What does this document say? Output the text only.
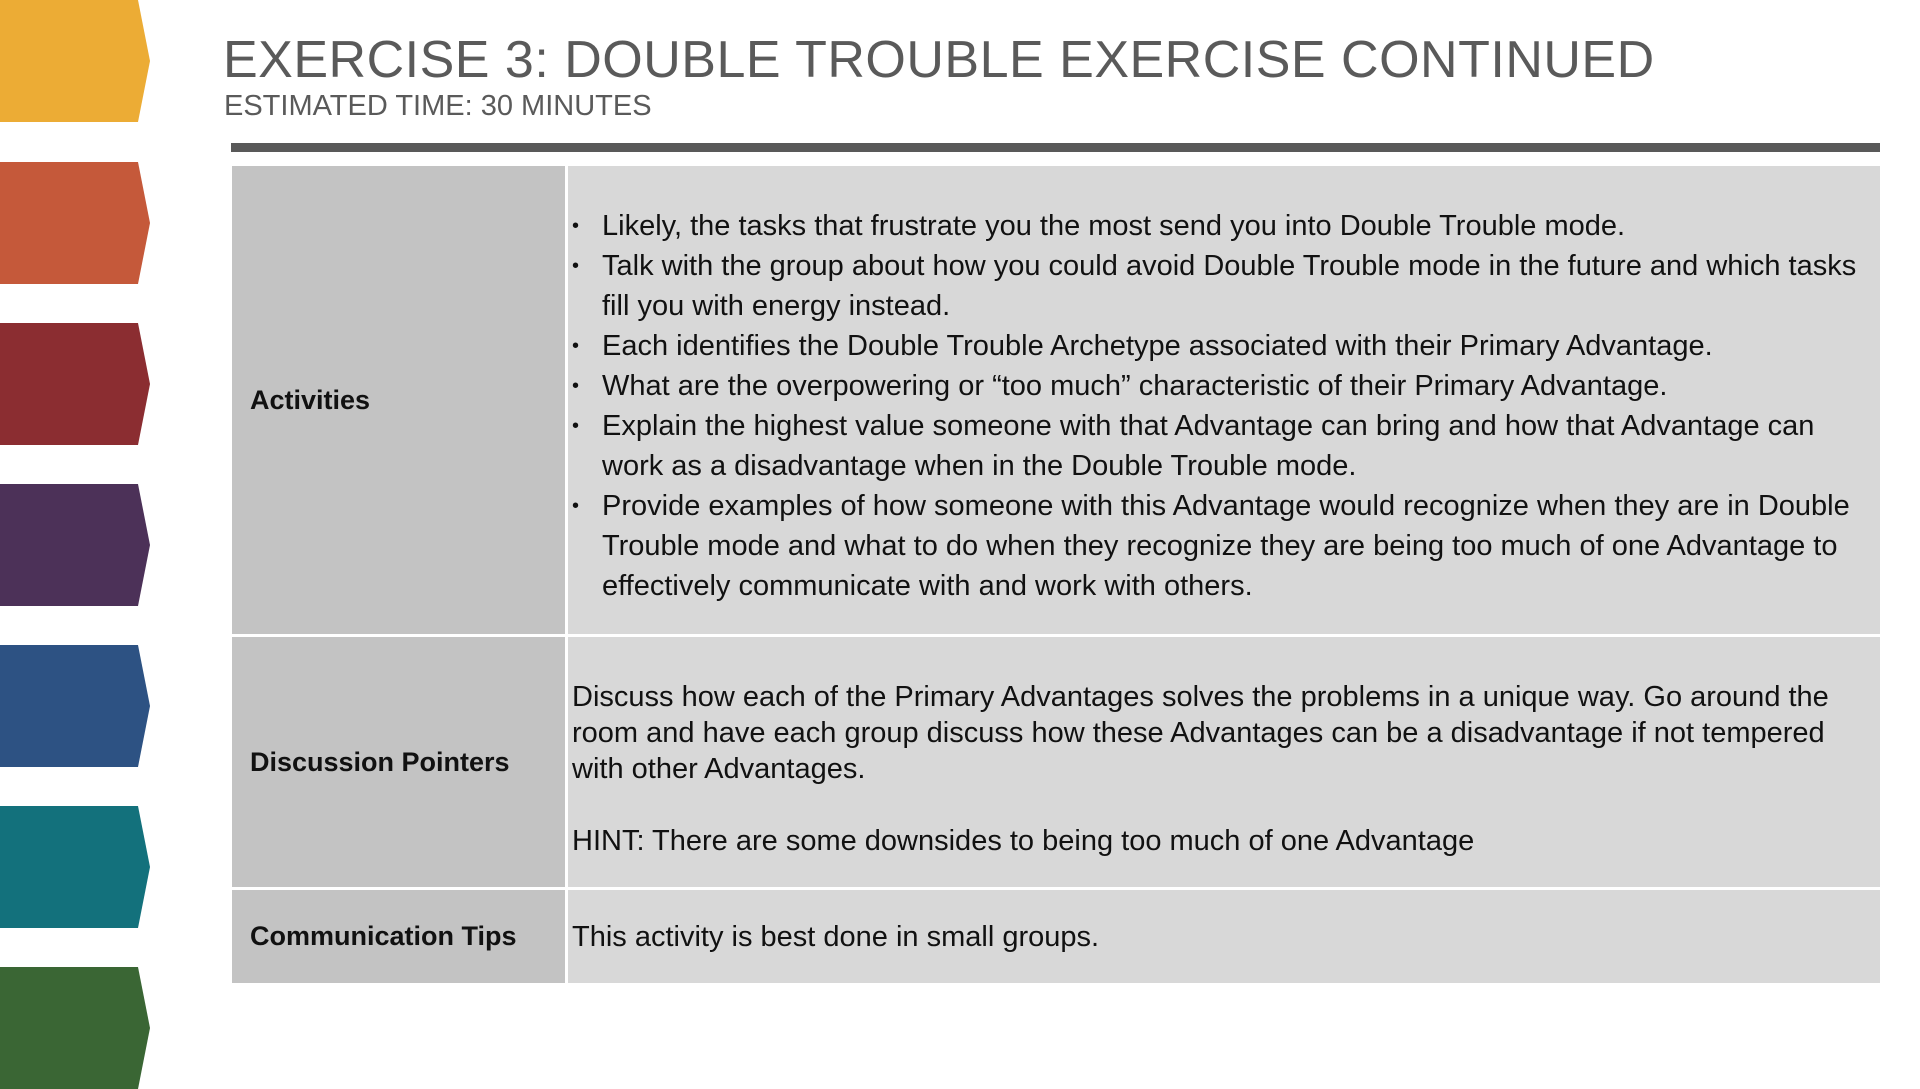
EXERCISE 3: DOUBLE TROUBLE EXERCISE CONTINUED
ESTIMATED TIME: 30 MINUTES
Activities
• Likely, the tasks that frustrate you the most send you into Double Trouble mode.
• Talk with the group about how you could avoid Double Trouble mode in the future and which tasks fill you with energy instead.
• Each identifies the Double Trouble Archetype associated with their Primary Advantage.
• What are the overpowering or “too much” characteristic of their Primary Advantage.
• Explain the highest value someone with that Advantage can bring and how that Advantage can work as a disadvantage when in the Double Trouble mode.
• Provide examples of how someone with this Advantage would recognize when they are in Double Trouble mode and what to do when they recognize they are being too much of one Advantage to effectively communicate with and work with others.
Discussion Pointers

Discuss how each of the Primary Advantages solves the problems in a unique way. Go around the room and have each group discuss how these Advantages can be a disadvantage if not tempered with other Advantages.

HINT: There are some downsides to being too much of one Advantage

Communication Tips	This activity is best done in small groups.
